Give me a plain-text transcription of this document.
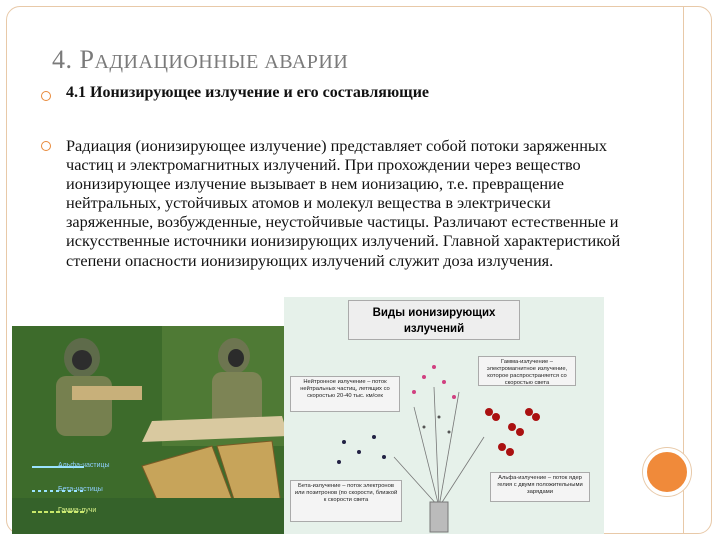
4. РАДИАЦИОННЫЕ АВАРИИ
4.1 Ионизирующее излучение и его составляющие
Радиация (ионизирующее излучение) представляет собой потоки заряженных частиц и электромагнитных излучений. При прохождении через вещество ионизирующее излучение вызывает в нем ионизацию, т.е. превращение нейтральных, устойчивых атомов и молекул вещества в электрически заряженные, возбужденные, неустойчивые частицы. Различают естественные и искусственные источники ионизирующих излучений. Главной характеристикой степени опасности ионизирующих излучений служит доза излучения.
Альфа-частицы
Бета-частицы
Гамма-лучи
Виды ионизирующих излучений
Гамма-излучение – электромагнитное излучение, которое распространяется со скоростью света
Нейтронное излучение – поток нейтральных частиц, летящих со скоростью 20-40 тыс. км/сек
Бета-излучение – поток электронов или позитронов (по скорости, близкой к скорости света
Альфа-излучение – поток ядер гелия с двумя положительными зарядами
